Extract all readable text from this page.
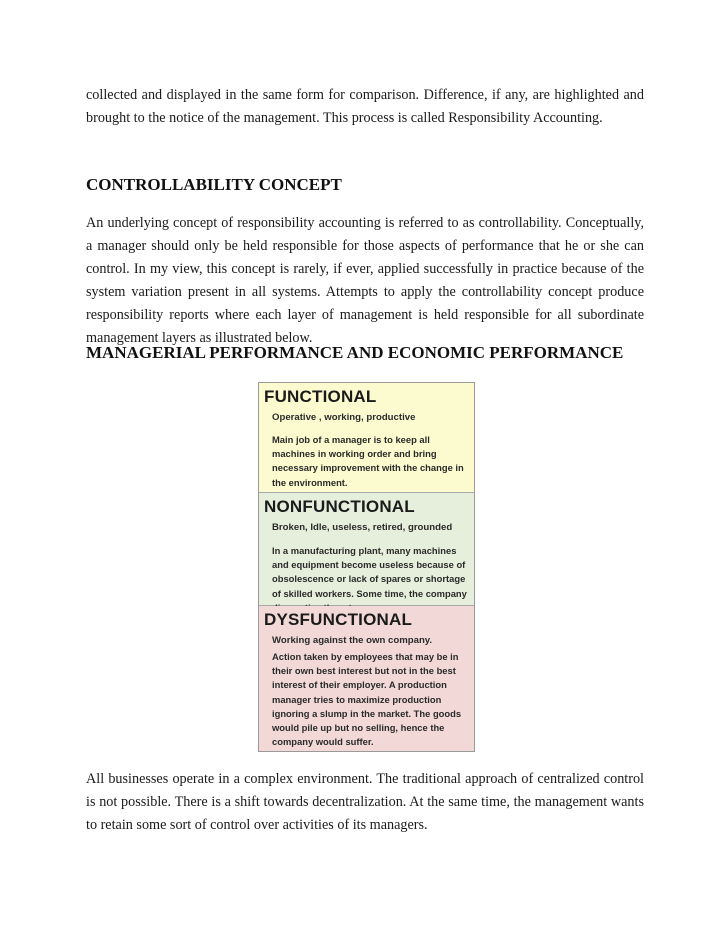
collected and displayed in the same form for comparison. Difference, if any, are highlighted and brought to the notice of the management. This process is called Responsibility Accounting.

CONTROLLABILITY CONCEPT

An underlying concept of responsibility accounting is referred to as controllability. Conceptually, a manager should only be held responsible for those aspects of performance that he or she can control. In my view, this concept is rarely, if ever, applied successfully in practice because of the system variation present in all systems. Attempts to apply the controllability concept produce responsibility reports where each layer of management is held responsible for all subordinate management layers as illustrated below.

MANAGERIAL PERFORMANCE AND ECONOMIC PERFORMANCE
FUNCTIONAL
Operative , working, productive
Main job of a manager is to keep all machines in working order and bring necessary improvement with the change in the environment.
NONFUNCTIONAL
Broken, Idle, useless, retired, grounded
In a manufacturing plant, many machines and equipment become useless because of obsolescence or lack of spares or shortage of skilled workers. Some time, the company
DYSFUNCTIONAL
Working against the own company.
Action taken by employees that may be in their own best interest but not in the best interest of their employer. A production manager tries to maximize production ignoring a slump in the market. The goods would pile up but no selling, hence the company would suffer.

All businesses operate in a complex environment. The traditional approach of centralized control is not possible. There is a shift towards decentralization. At the same time, the management wants to retain some sort of control over activities of its managers.
